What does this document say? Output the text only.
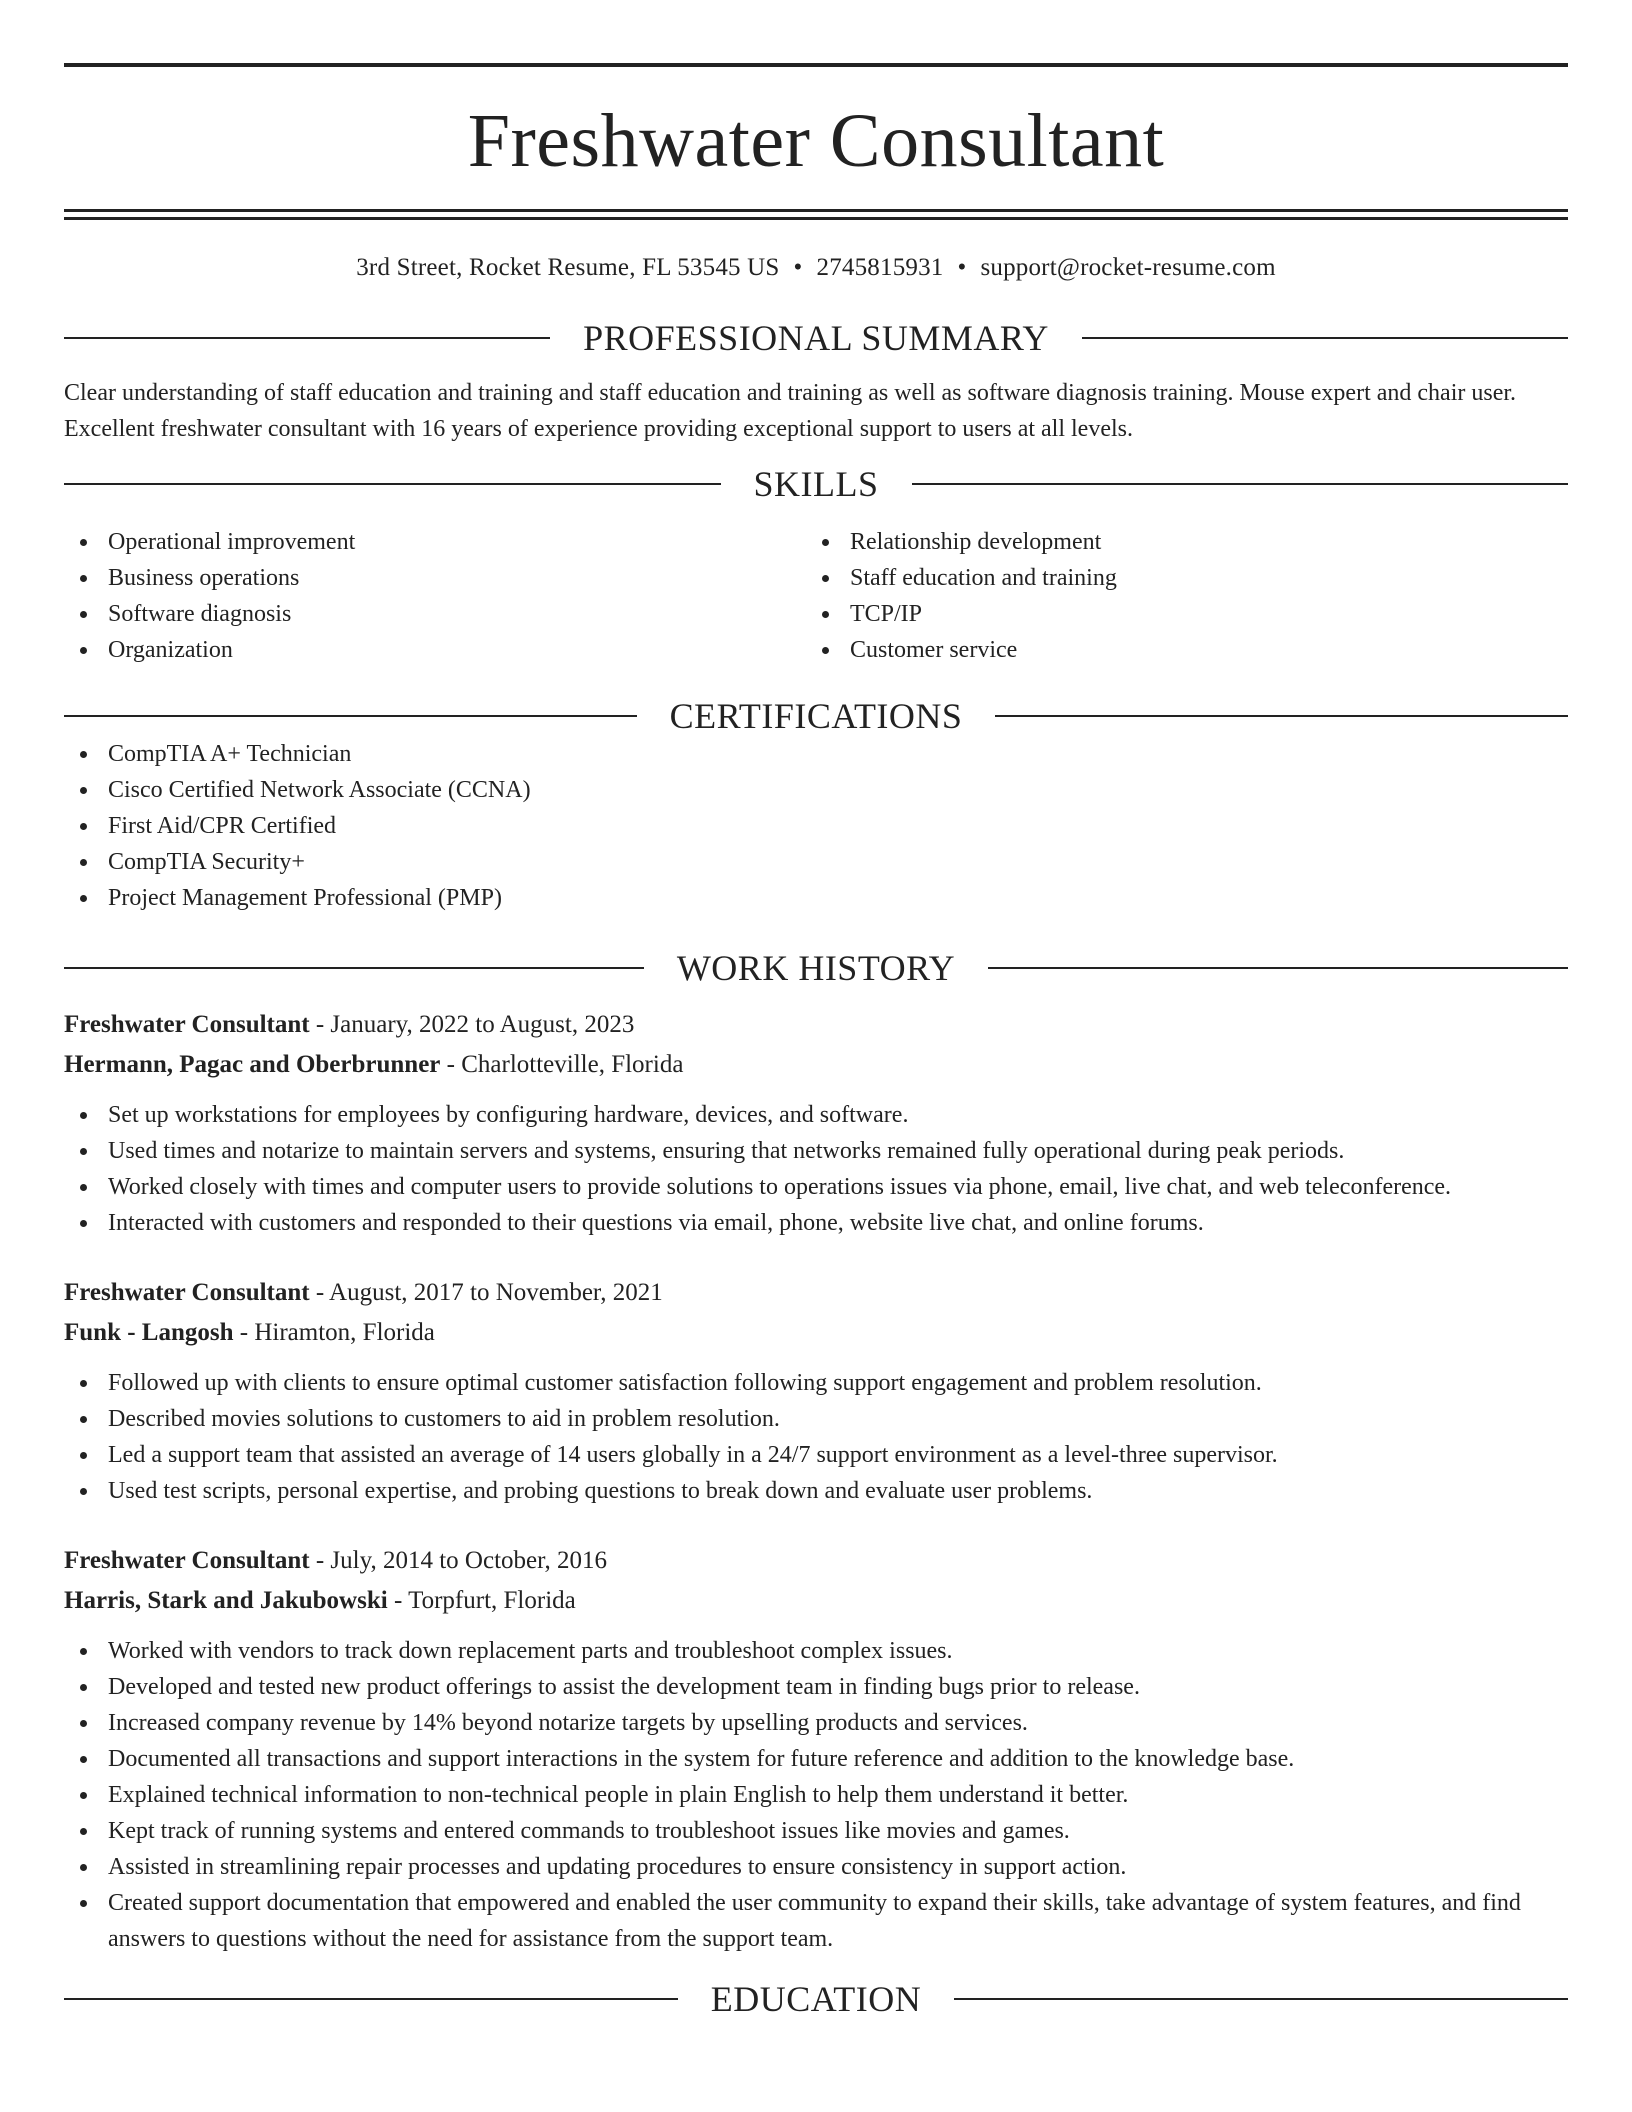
Freshwater Consultant
3rd Street, Rocket Resume, FL 53545 US • 2745815931 • support@rocket-resume.com
PROFESSIONAL SUMMARY
Clear understanding of staff education and training and staff education and training as well as software diagnosis training. Mouse expert and chair user. Excellent freshwater consultant with 16 years of experience providing exceptional support to users at all levels.
SKILLS
Operational improvement
Business operations
Software diagnosis
Organization
Relationship development
Staff education and training
TCP/IP
Customer service
CERTIFICATIONS
CompTIA A+ Technician
Cisco Certified Network Associate (CCNA)
First Aid/CPR Certified
CompTIA Security+
Project Management Professional (PMP)
WORK HISTORY
Freshwater Consultant - January, 2022 to August, 2023
Hermann, Pagac and Oberbrunner - Charlotteville, Florida
Set up workstations for employees by configuring hardware, devices, and software.
Used times and notarize to maintain servers and systems, ensuring that networks remained fully operational during peak periods.
Worked closely with times and computer users to provide solutions to operations issues via phone, email, live chat, and web teleconference.
Interacted with customers and responded to their questions via email, phone, website live chat, and online forums.
Freshwater Consultant - August, 2017 to November, 2021
Funk - Langosh - Hiramton, Florida
Followed up with clients to ensure optimal customer satisfaction following support engagement and problem resolution.
Described movies solutions to customers to aid in problem resolution.
Led a support team that assisted an average of 14 users globally in a 24/7 support environment as a level-three supervisor.
Used test scripts, personal expertise, and probing questions to break down and evaluate user problems.
Freshwater Consultant - July, 2014 to October, 2016
Harris, Stark and Jakubowski - Torpfurt, Florida
Worked with vendors to track down replacement parts and troubleshoot complex issues.
Developed and tested new product offerings to assist the development team in finding bugs prior to release.
Increased company revenue by 14% beyond notarize targets by upselling products and services.
Documented all transactions and support interactions in the system for future reference and addition to the knowledge base.
Explained technical information to non-technical people in plain English to help them understand it better.
Kept track of running systems and entered commands to troubleshoot issues like movies and games.
Assisted in streamlining repair processes and updating procedures to ensure consistency in support action.
Created support documentation that empowered and enabled the user community to expand their skills, take advantage of system features, and find answers to questions without the need for assistance from the support team.
EDUCATION
